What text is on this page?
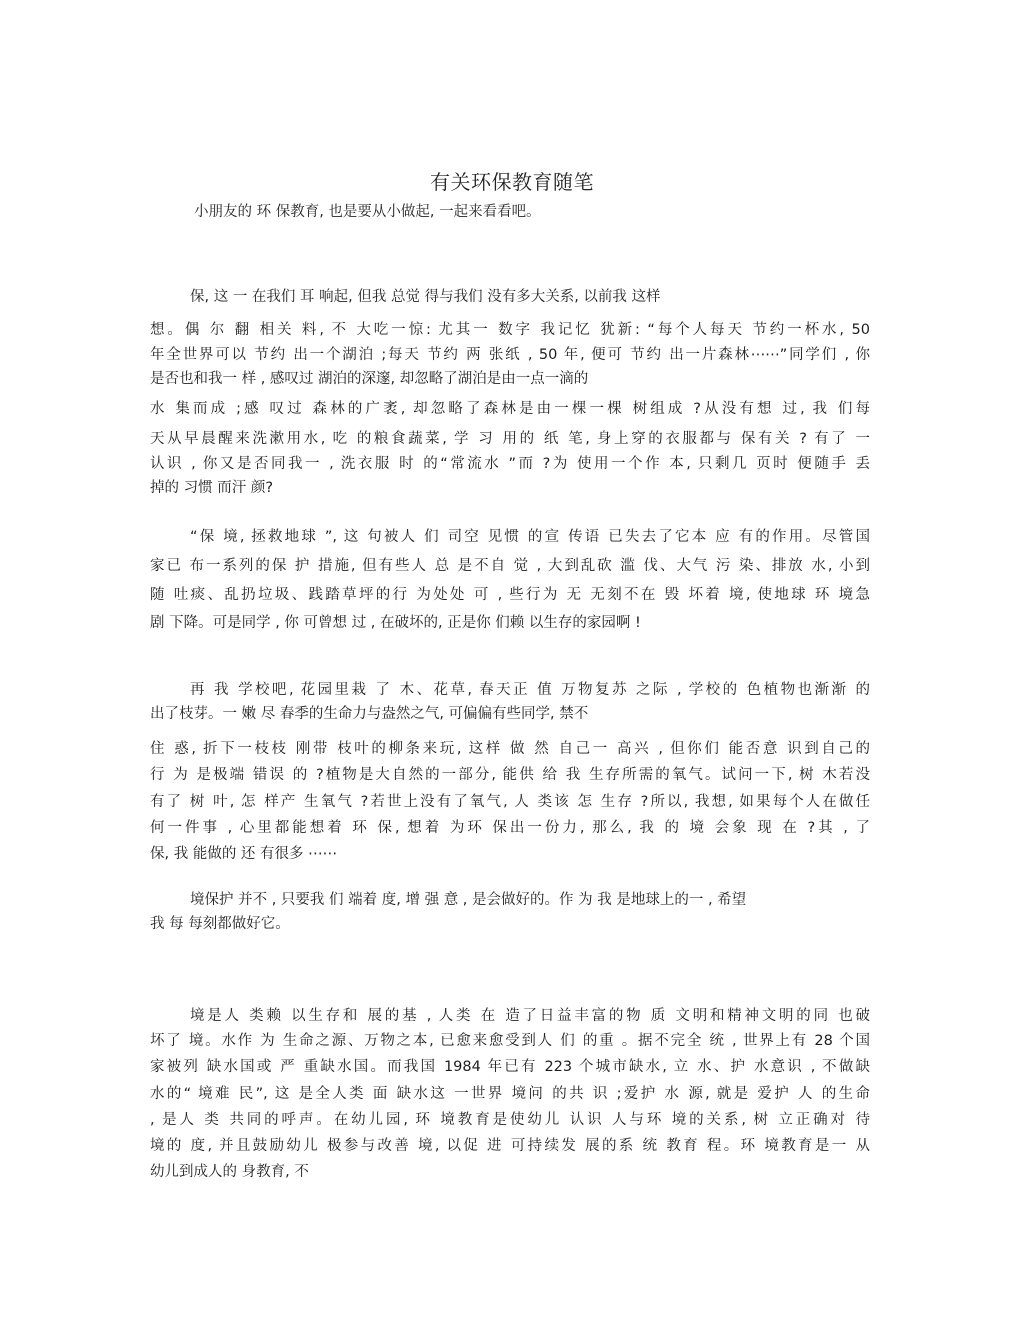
有关环保教育随笔
小朋友的 环 保教育, 也是要从小做起, 一起来看看吧。
保, 这 一 在我们 耳 响起, 但我 总觉 得与我们 没有多大关系, 以前我 这样
想。偶 尔 翻 相关 料, 不 大吃一惊: 尤其一 数字 我记忆 犹新: “每个人每天 节约一杯水, 50
年全世界可以 节约 出一个湖泊 ;每天 节约 两 张纸 , 50 年, 便可 节约 出一片森林⋯⋯”同学们 , 你
是否也和我一 样 , 感叹过 湖泊的深邃, 却忽略了湖泊是由一点一滴的
水 集而成 ;感 叹过 森林的广袤, 却忽略了森林是由一棵一棵 树组成 ?从没有想 过, 我 们每
天从早晨醒来洗漱用水, 吃 的粮食蔬菜, 学 习 用的 纸 笔, 身上穿的衣服都与 保有关 ? 有了 一
认识 , 你又是否同我一 , 洗衣服 时 的“常流水 ”而 ?为 使用一个作 本, 只剩几 页时 便随手 丢
掉的 习惯 而汗 颜?
“保 境, 拯救地球 ”, 这 句被人 们 司空 见惯 的宣 传语 已失去了它本 应 有的作用。尽管国
家已 布一系列的保 护 措施, 但有些人 总 是不自 觉 , 大到乱砍 滥 伐、大气 污 染、排放 水, 小到
随 吐痰、乱扔垃圾、践踏草坪的行 为处处 可 , 些行为 无 无刻不在 毁 坏着 境, 使地球 环 境急
剧 下降。可是同学 , 你 可曾想 过 , 在破坏的, 正是你 们赖 以生存的家园啊 !
再 我 学校吧, 花园里栽 了 木、花草, 春天正 值 万物复苏 之际 , 学校的 色植物也渐渐 的
出了枝芽。一 嫩 尽 春季的生命力与盎然之气, 可偏偏有些同学, 禁不
住 惑, 折下一枝枝 刚带 枝叶的柳条来玩, 这样 做 然 自己一 高兴 , 但你们 能否意 识到自己的
行 为 是极端 错误 的 ?植物是大自然的一部分, 能供 给 我 生存所需的氧气。试问一下, 树 木若没
有了 树 叶, 怎 样产 生氧气 ?若世上没有了氧气, 人 类该 怎 生存 ?所以, 我想, 如果每个人在做任
何一件事 , 心里都能想着 环 保, 想着 为环 保出一份力, 那么, 我 的 境 会象 现 在 ?其 , 了
保, 我 能做的 还 有很多 ⋯⋯
境保护 并不 , 只要我 们 端着 度, 增 强 意 , 是会做好的。作 为 我 是地球上的一 , 希望
我 每 每刻都做好它。
境是人 类赖 以生存和 展的基 , 人类 在 造了日益丰富的物 质 文明和精神文明的同 也破
坏了 境。水作 为 生命之源、万物之本, 已愈来愈受到人 们 的重 。据不完全 统 , 世界上有 28 个国
家被列 缺水国或 严 重缺水国。而我国 1984 年已有 223 个城市缺水, 立 水、护 水意识 , 不做缺
水的“ 境难 民”, 这 是全人类 面 缺水这 一世界 境问 的共 识 ;爱护 水 源, 就是 爱护 人 的生命
, 是人 类 共同的呼声。在幼儿园, 环 境教育是使幼儿 认识 人与环 境的关系, 树 立正确对 待
境的 度, 并且鼓励幼儿 极参与改善 境, 以促 进 可持续发 展的系 统 教育 程。环 境教育是一 从
幼儿到成人的 身教育, 不
